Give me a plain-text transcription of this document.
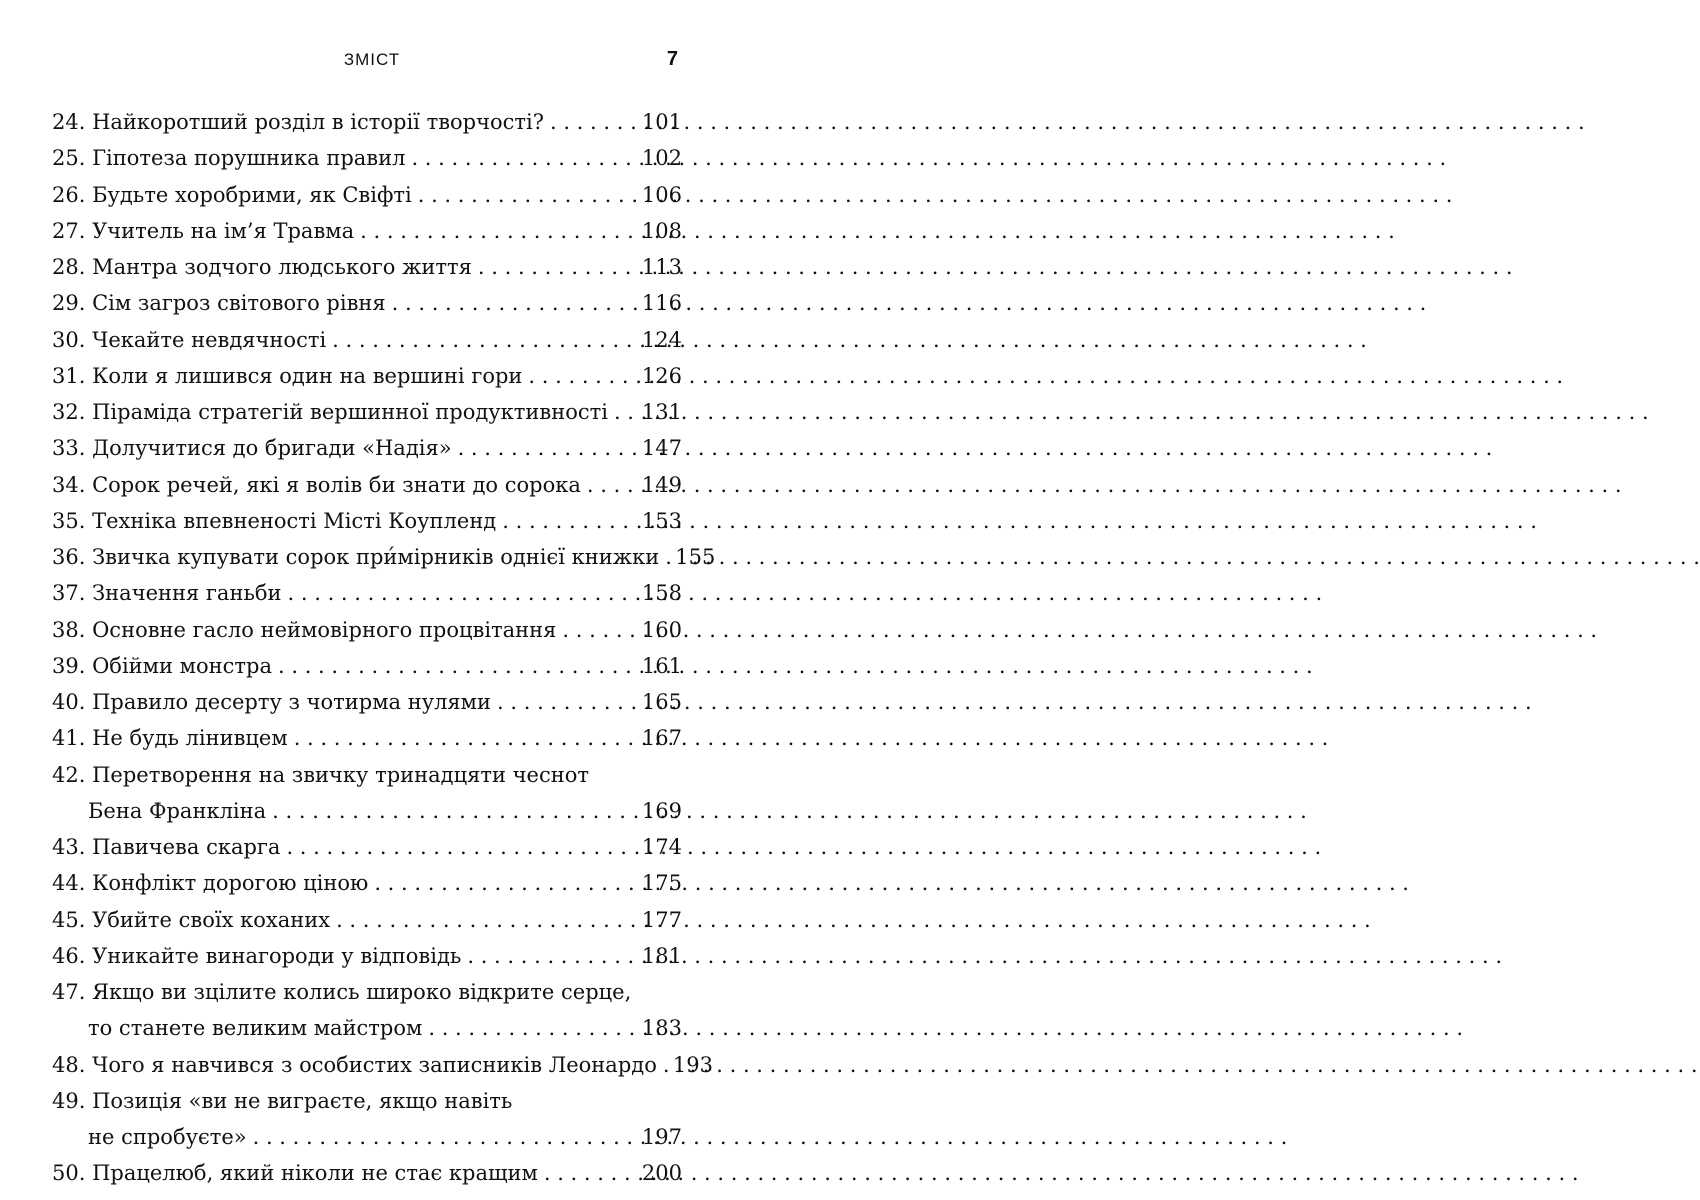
ЗМІСТ	7
24.
Найкоротший розділ в історії творчості? . . .	101
25.
Гіпотеза порушника правил . . .	102
26.
Будьте хоробрими, як Свіфті . . .	106
27.
Учитель на ім’я Травма . . .	108
28.
Мантра зодчого людського життя . . .	113
29.
Сім загроз світового рівня . . .	116
30.
Чекайте невдячності . . .	124
31.
Коли я лишився один на вершині гори . . .	126
32.
Піраміда стратегій вершинної продуктивності . . . 131
33.
Долучитися до бригади «Надія» . . .	147
34.
Сорок речей, які я волів би знати до сорока . . .	149
35.
Техніка впевненості Місті Коупленд . . .	153
36.
Звичка купувати сорок при́мірників однієї книжки . . . 155
37.
Значення ганьби . . .	158
38.
Основне гасло неймовірного процвітання . . .	160
39.
Обійми монстра . . .	161
40.
Правило десерту з чотирма нулями . . .	165
41.
Не будь лінивцем . . .	167
42.
Перетворення на звичку тринадцяти чеснот
Бена Франкліна . . .	169
43.
Павичева скарга . . .	174
44.
Конфлікт дорогою ціною . . .	175
45.
Убийте своїх коханих . . .	177
46.
Уникайте винагороди у відповідь . . .	181
47.
Якщо ви зцілите колись широко відкрите серце,
то станете великим майстром . . .	183
48.
Чого я навчився з особистих записників Леонардо . . . 193
49.
Позиція «ви не виграєте, якщо навіть
не спробуєте» . . .	197
50.
Працелюб, який ніколи не стає кращим . . .	200
